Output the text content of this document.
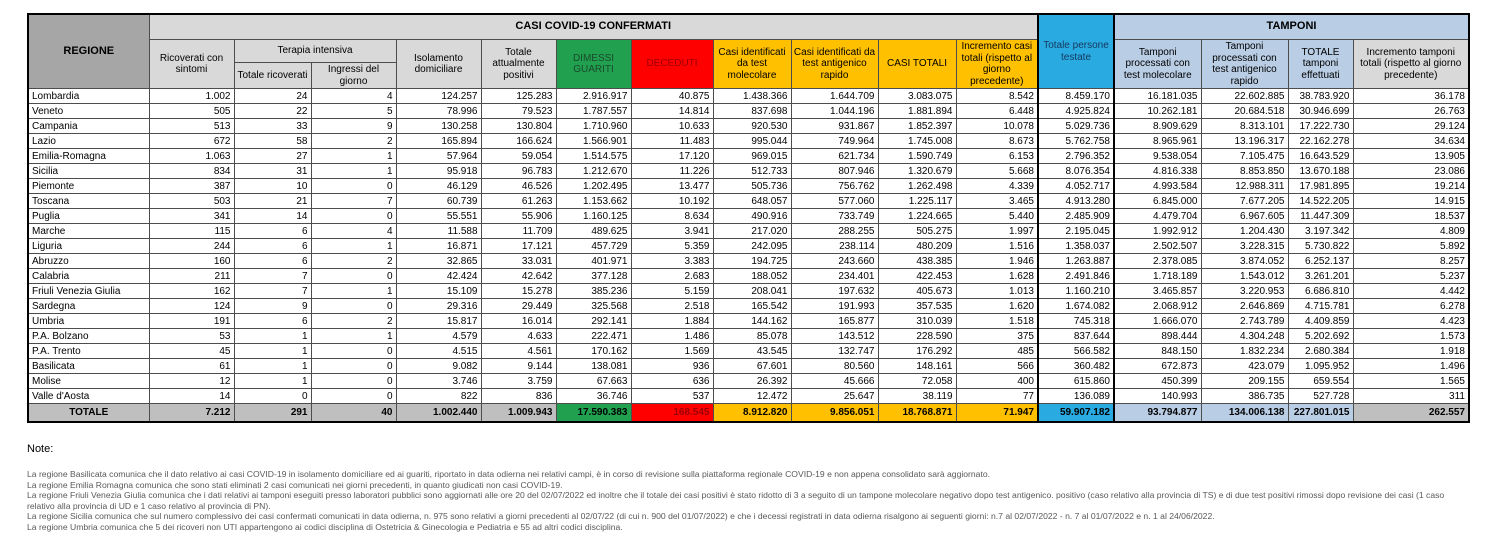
REGIONE	CASI COVID-19 CONFERMATI											Totale persone testate	TAMPONI			
	Ricoverati con sintomi	Terapia intensiva		Isolamento domiciliare	Totale attualmente positivi	DIMESSI GUARITI	DECEDUTI	Casi identificati da test molecolare	Casi identificati da test antigenico rapido	CASI TOTALI	Incremento casi totali (rispetto al giorno precedente)		Tamponi processati con test molecolare	Tamponi processati con test antigenico rapido	TOTALE tamponi effettuati	Incremento tamponi totali (rispetto al giorno precedente)
		Totale ricoverati	Ingressi del giorno													
Lombardia	1.002	24	4	124.257	125.283	2.916.917	40.875	1.438.366	1.644.709	3.083.075	8.542	8.459.170	16.181.035	22.602.885	38.783.920	36.178
Veneto	505	22	5	78.996	79.523	1.787.557	14.814	837.698	1.044.196	1.881.894	6.448	4.925.824	10.262.181	20.684.518	30.946.699	26.763
Campania	513	33	9	130.258	130.804	1.710.960	10.633	920.530	931.867	1.852.397	10.078	5.029.736	8.909.629	8.313.101	17.222.730	29.124
Lazio	672	58	2	165.894	166.624	1.566.901	11.483	995.044	749.964	1.745.008	8.673	5.762.758	8.965.961	13.196.317	22.162.278	34.634
Emilia-Romagna	1.063	27	1	57.964	59.054	1.514.575	17.120	969.015	621.734	1.590.749	6.153	2.796.352	9.538.054	7.105.475	16.643.529	13.905
Sicilia	834	31	1	95.918	96.783	1.212.670	11.226	512.733	807.946	1.320.679	5.668	8.076.354	4.816.338	8.853.850	13.670.188	23.086
Piemonte	387	10	0	46.129	46.526	1.202.495	13.477	505.736	756.762	1.262.498	4.339	4.052.717	4.993.584	12.988.311	17.981.895	19.214
Toscana	503	21	7	60.739	61.263	1.153.662	10.192	648.057	577.060	1.225.117	3.465	4.913.280	6.845.000	7.677.205	14.522.205	14.915
Puglia	341	14	0	55.551	55.906	1.160.125	8.634	490.916	733.749	1.224.665	5.440	2.485.909	4.479.704	6.967.605	11.447.309	18.537
Marche	115	6	4	11.588	11.709	489.625	3.941	217.020	288.255	505.275	1.997	2.195.045	1.992.912	1.204.430	3.197.342	4.809
Liguria	244	6	1	16.871	17.121	457.729	5.359	242.095	238.114	480.209	1.516	1.358.037	2.502.507	3.228.315	5.730.822	5.892
Abruzzo	160	6	2	32.865	33.031	401.971	3.383	194.725	243.660	438.385	1.946	1.263.887	2.378.085	3.874.052	6.252.137	8.257
Calabria	211	7	0	42.424	42.642	377.128	2.683	188.052	234.401	422.453	1.628	2.491.846	1.718.189	1.543.012	3.261.201	5.237
Friuli Venezia Giulia	162	7	1	15.109	15.278	385.236	5.159	208.041	197.632	405.673	1.013	1.160.210	3.465.857	3.220.953	6.686.810	4.442
Sardegna	124	9	0	29.316	29.449	325.568	2.518	165.542	191.993	357.535	1.620	1.674.082	2.068.912	2.646.869	4.715.781	6.278
Umbria	191	6	2	15.817	16.014	292.141	1.884	144.162	165.877	310.039	1.518	745.318	1.666.070	2.743.789	4.409.859	4.423
P.A. Bolzano	53	1	1	4.579	4.633	222.471	1.486	85.078	143.512	228.590	375	837.644	898.444	4.304.248	5.202.692	1.573
P.A. Trento	45	1	0	4.515	4.561	170.162	1.569	43.545	132.747	176.292	485	566.582	848.150	1.832.234	2.680.384	1.918
Basilicata	61	1	0	9.082	9.144	138.081	936	67.601	80.560	148.161	566	360.482	672.873	423.079	1.095.952	1.496
Molise	12	1	0	3.746	3.759	67.663	636	26.392	45.666	72.058	400	615.860	450.399	209.155	659.554	1.565
Valle d'Aosta	14	0	0	822	836	36.746	537	12.472	25.647	38.119	77	136.089	140.993	386.735	527.728	311
TOTALE	7.212	291	40	1.002.440	1.009.943	17.590.383	168.545	8.912.820	9.856.051	18.768.871	71.947	59.907.182	93.794.877	134.006.138	227.801.015	262.557
Note:
La regione Basilicata comunica che il dato relativo ai casi COVID-19 in isolamento domiciliare ed ai guariti, riportato in data odierna nei relativi campi, è in corso di revisione sulla piattaforma regionale COVID-19 e non appena consolidato sarà aggiornato.
La regione Emilia Romagna comunica che sono stati eliminati 2 casi comunicati nei giorni precedenti, in quanto giudicati non casi COVID-19.
La regione Friuli Venezia Giulia comunica che i dati relativi ai tamponi eseguiti presso laboratori pubblici sono aggiornati alle ore 20 del 02/07/2022 ed inoltre che il totale dei casi positivi è stato ridotto di 3 a seguito di un tampone molecolare negativo dopo test antigenico. positivo (caso relativo alla provincia di TS) e di due test positivi rimossi dopo revisione dei casi (1 caso relativo alla provincia di UD e 1 caso relativo al provincia di PN).
La regione Sicilia comunica che sul numero complessivo dei casi confermati comunicati in data odierna, n. 975 sono relativi a giorni precedenti al 02/07/22 (di cui n. 900 del 01/07/2022) e che i decessi registrati in data odierna risalgono ai seguenti giorni: n.7 al 02/07/2022 - n. 7 al 01/07/2022 e n. 1 al 24/06/2022.
La regione Umbria comunica che 5 dei ricoveri non UTI appartengono ai codici disciplina di Ostetricia & Ginecologia e Pediatria e 55 ad altri codici disciplina.
